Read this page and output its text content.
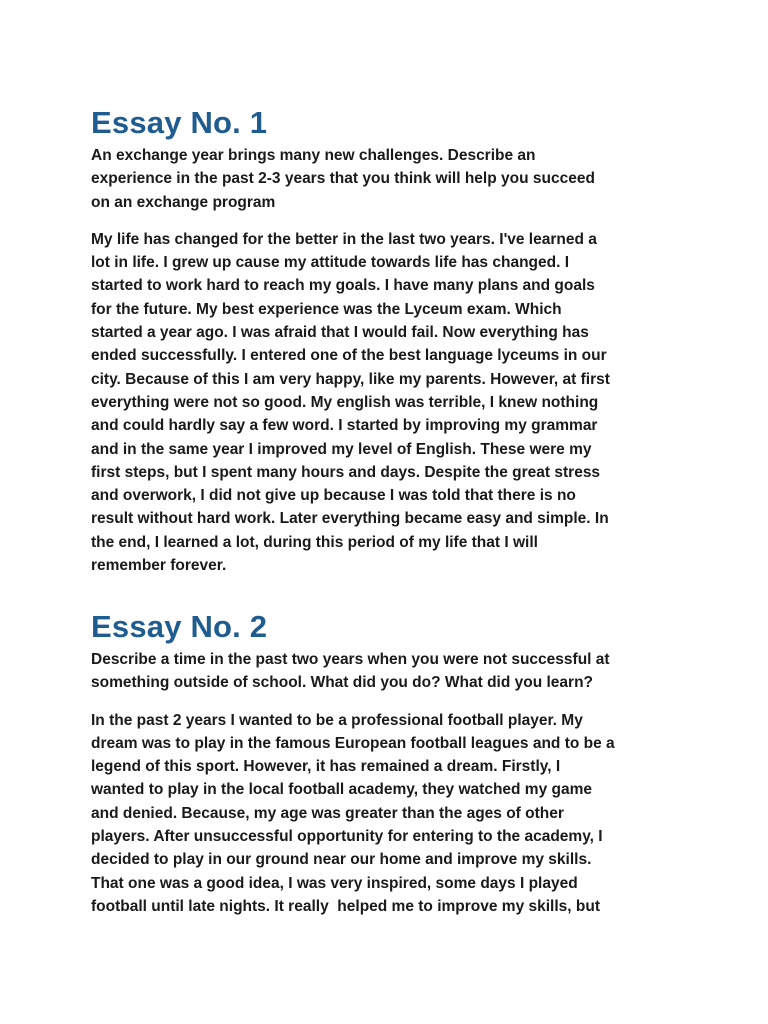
Essay No. 1

An exchange year brings many new challenges. Describe an
experience in the past 2-3 years that you think will help you succeed
on an exchange program

My life has changed for the better in the last two years. I've learned a
lot in life. I grew up cause my attitude towards life has changed. I
started to work hard to reach my goals. I have many plans and goals
for the future. My best experience was the Lyceum exam. Which
started a year ago. I was afraid that I would fail. Now everything has
ended successfully. I entered one of the best language lyceums in our
city. Because of this I am very happy, like my parents. However, at first
everything were not so good. My english was terrible, I knew nothing
and could hardly say a few word. I started by improving my grammar
and in the same year I improved my level of English. These were my
first steps, but I spent many hours and days. Despite the great stress
and overwork, I did not give up because I was told that there is no
result without hard work. Later everything became easy and simple. In
the end, I learned a lot, during this period of my life that I will
remember forever.

Essay No. 2

Describe a time in the past two years when you were not successful at
something outside of school. What did you do? What did you learn?

In the past 2 years I wanted to be a professional football player. My
dream was to play in the famous European football leagues and to be a
legend of this sport. However, it has remained a dream. Firstly, I
wanted to play in the local football academy, they watched my game
and denied. Because, my age was greater than the ages of other
players. After unsuccessful opportunity for entering to the academy, I
decided to play in our ground near our home and improve my skills.
That one was a good idea, I was very inspired, some days I played
football until late nights. It really  helped me to improve my skills, but
